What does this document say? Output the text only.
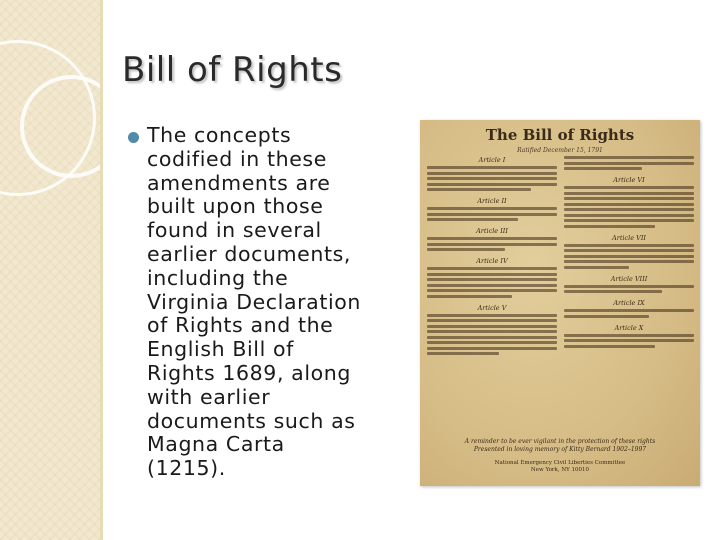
Bill of Rights

The concepts
codified in these
amendments are
built upon those
found in several
earlier documents,
including the
Virginia Declaration
of Rights and the
English Bill of
Rights 1689, along
with earlier
documents such as
Magna Carta
(1215).

The Bill of Rights
Ratified December 15, 1791
Article I
Article II
Article III
Article IV
Article V
Article VI
Article VII
Article VIII
Article IX
Article X
A reminder to be ever vigilant in the protection of these rights
Presented in loving memory of Kitty Bernard 1902–1997
National Emergency Civil Liberties Committee
New York, NY 10010
